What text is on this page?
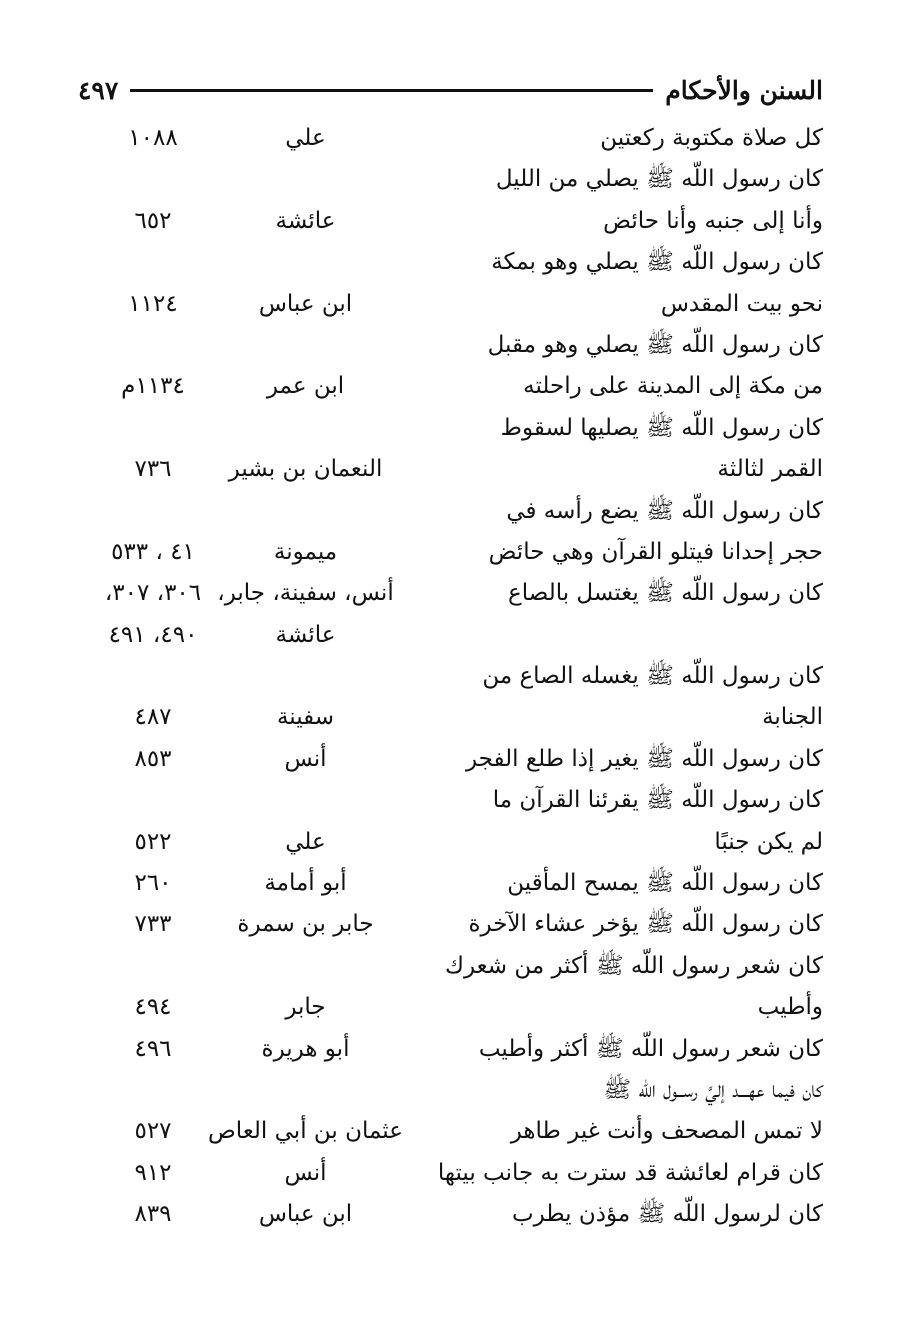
السنن والأحكام
٤٩٧
كل صلاة مكتوبة ركعتين
علي
١٠٨٨
كان رسول اللّه ﷺ يصلي من الليل
وأنا إلى جنبه وأنا حائض
عائشة
٦٥٢
كان رسول اللّه ﷺ يصلي وهو بمكة
نحو بيت المقدس
ابن عباس
١١٢٤
كان رسول اللّه ﷺ يصلي وهو مقبل
من مكة إلى المدينة على راحلته
ابن عمر
١١٣٤م
كان رسول اللّه ﷺ يصليها لسقوط
القمر لثالثة
النعمان بن بشير
٧٣٦
كان رسول اللّه ﷺ يضع رأسه في
حجر إحدانا فيتلو القرآن وهي حائض
ميمونة
٤١ ، ٥٣٣
كان رسول اللّه ﷺ يغتسل بالصاع
أنس، سفينة، جابر،
٣٠٦، ٣٠٧،
عائشة
٤٩٠، ٤٩١
كان رسول اللّه ﷺ يغسله الصاع من
الجنابة
سفينة
٤٨٧
كان رسول اللّه ﷺ يغير إذا طلع الفجر
أنس
٨٥٣
كان رسول اللّه ﷺ يقرئنا القرآن ما
لم يكن جنبًا
علي
٥٢٢
كان رسول اللّه ﷺ يمسح المأقين
أبو أمامة
٢٦٠
كان رسول اللّه ﷺ يؤخر عشاء الآخرة
جابر بن سمرة
٧٣٣
كان شعر رسول اللّه ﷺ أكثر من شعرك
وأطيب
جابر
٤٩٤
كان شعر رسول اللّه ﷺ أكثر وأطيب
أبو هريرة
٤٩٦
كان فيما عهـــد إليَّ رســول اللّه ﷺ
لا تمس المصحف وأنت غير طاهر
عثمان بن أبي العاص
٥٢٧
كان قرام لعائشة قد سترت به جانب بيتها
أنس
٩١٢
كان لرسول اللّه ﷺ مؤذن يطرب
ابن عباس
٨٣٩
